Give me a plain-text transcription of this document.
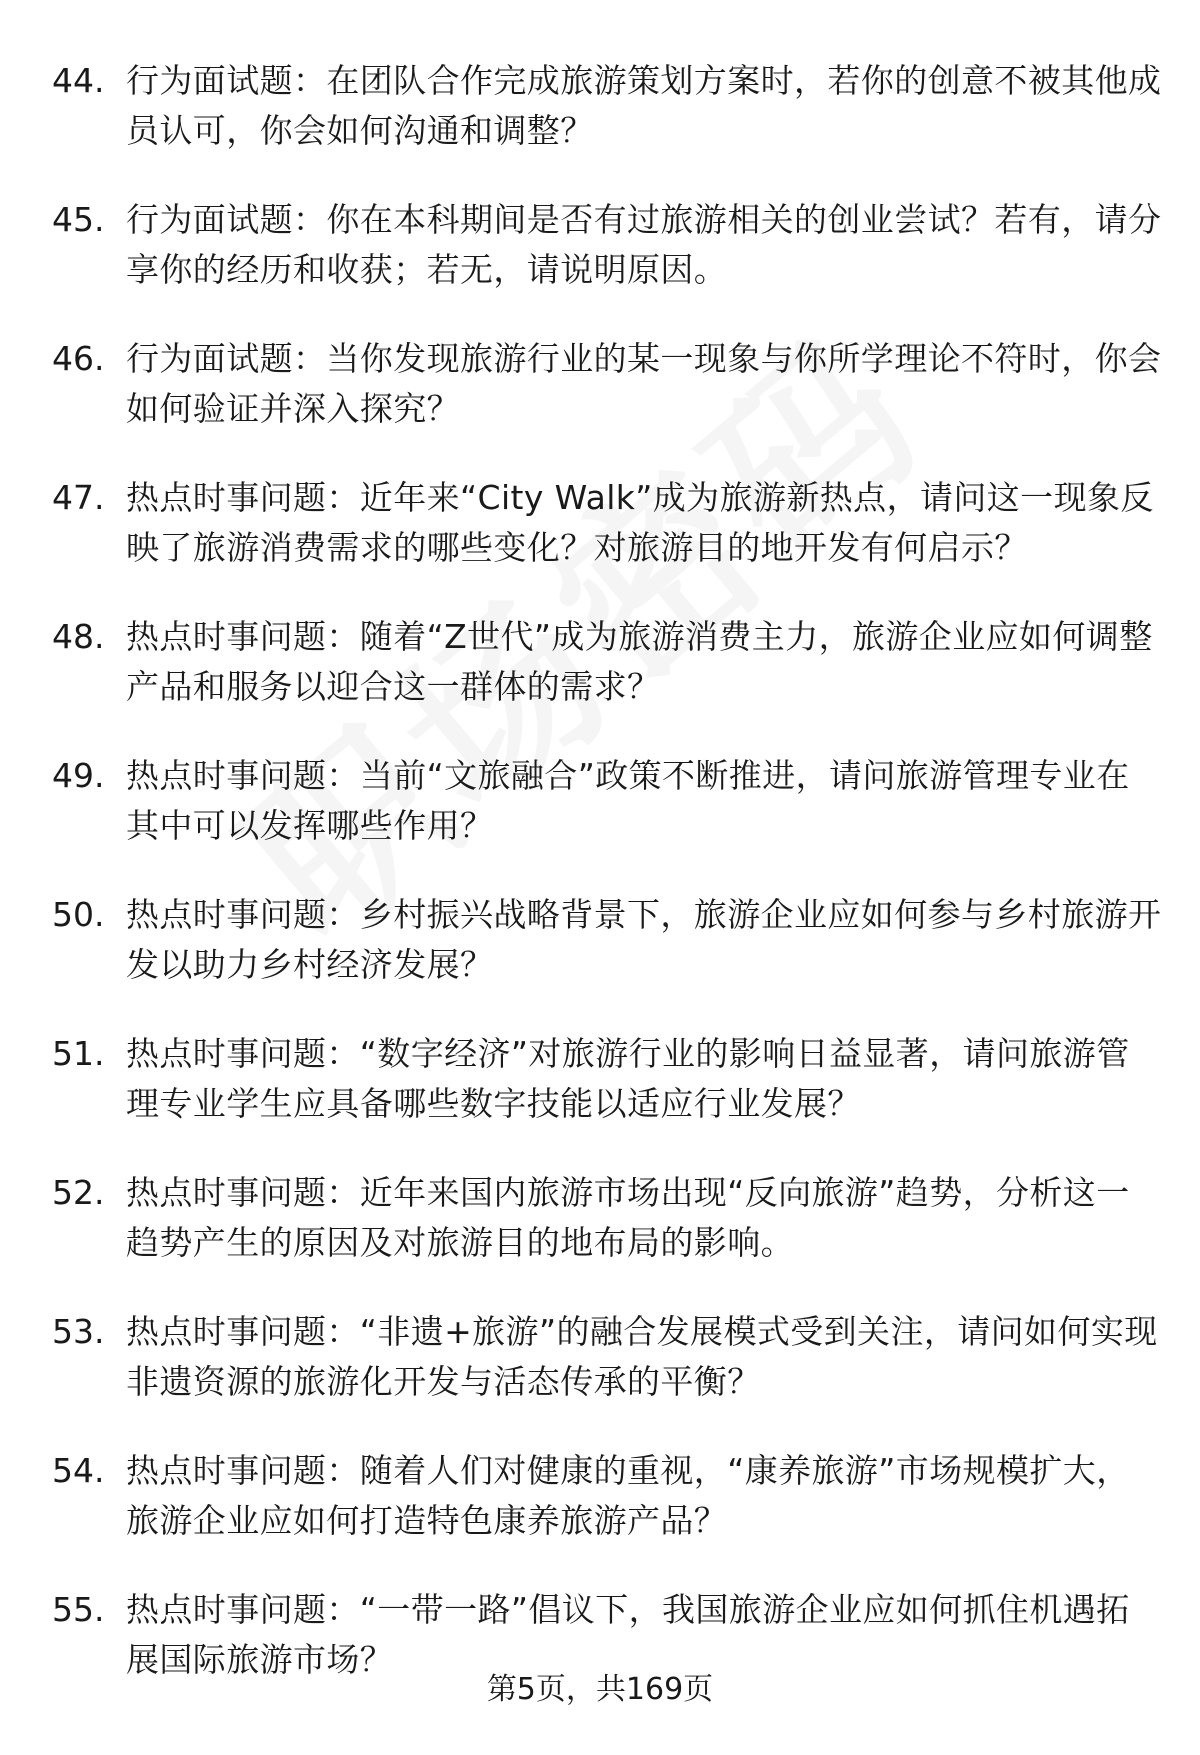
44. 行为面试题：在团队合作完成旅游策划方案时，若你的创意不被其他成员认可，你会如何沟通和调整？
45. 行为面试题：你在本科期间是否有过旅游相关的创业尝试？若有，请分享你的经历和收获；若无，请说明原因。
46. 行为面试题：当你发现旅游行业的某一现象与你所学理论不符时，你会如何验证并深入探究？
47. 热点时事问题：近年来“City Walk”成为旅游新热点，请问这一现象反映了旅游消费需求的哪些变化？对旅游目的地开发有何启示？
48. 热点时事问题：随着“Z世代”成为旅游消费主力，旅游企业应如何调整产品和服务以迎合这一群体的需求？
49. 热点时事问题：当前“文旅融合”政策不断推进，请问旅游管理专业在其中可以发挥哪些作用？
50. 热点时事问题：乡村振兴战略背景下，旅游企业应如何参与乡村旅游开发以助力乡村经济发展？
51. 热点时事问题：“数字经济”对旅游行业的影响日益显著，请问旅游管理专业学生应具备哪些数字技能以适应行业发展？
52. 热点时事问题：近年来国内旅游市场出现“反向旅游”趋势，分析这一趋势产生的原因及对旅游目的地布局的影响。
53. 热点时事问题：“非遗+旅游”的融合发展模式受到关注，请问如何实现非遗资源的旅游化开发与活态传承的平衡？
54. 热点时事问题：随着人们对健康的重视，“康养旅游”市场规模扩大，旅游企业应如何打造特色康养旅游产品？
55. 热点时事问题：“一带一路”倡议下，我国旅游企业应如何抓住机遇拓展国际旅游市场？
第5页，共169页
